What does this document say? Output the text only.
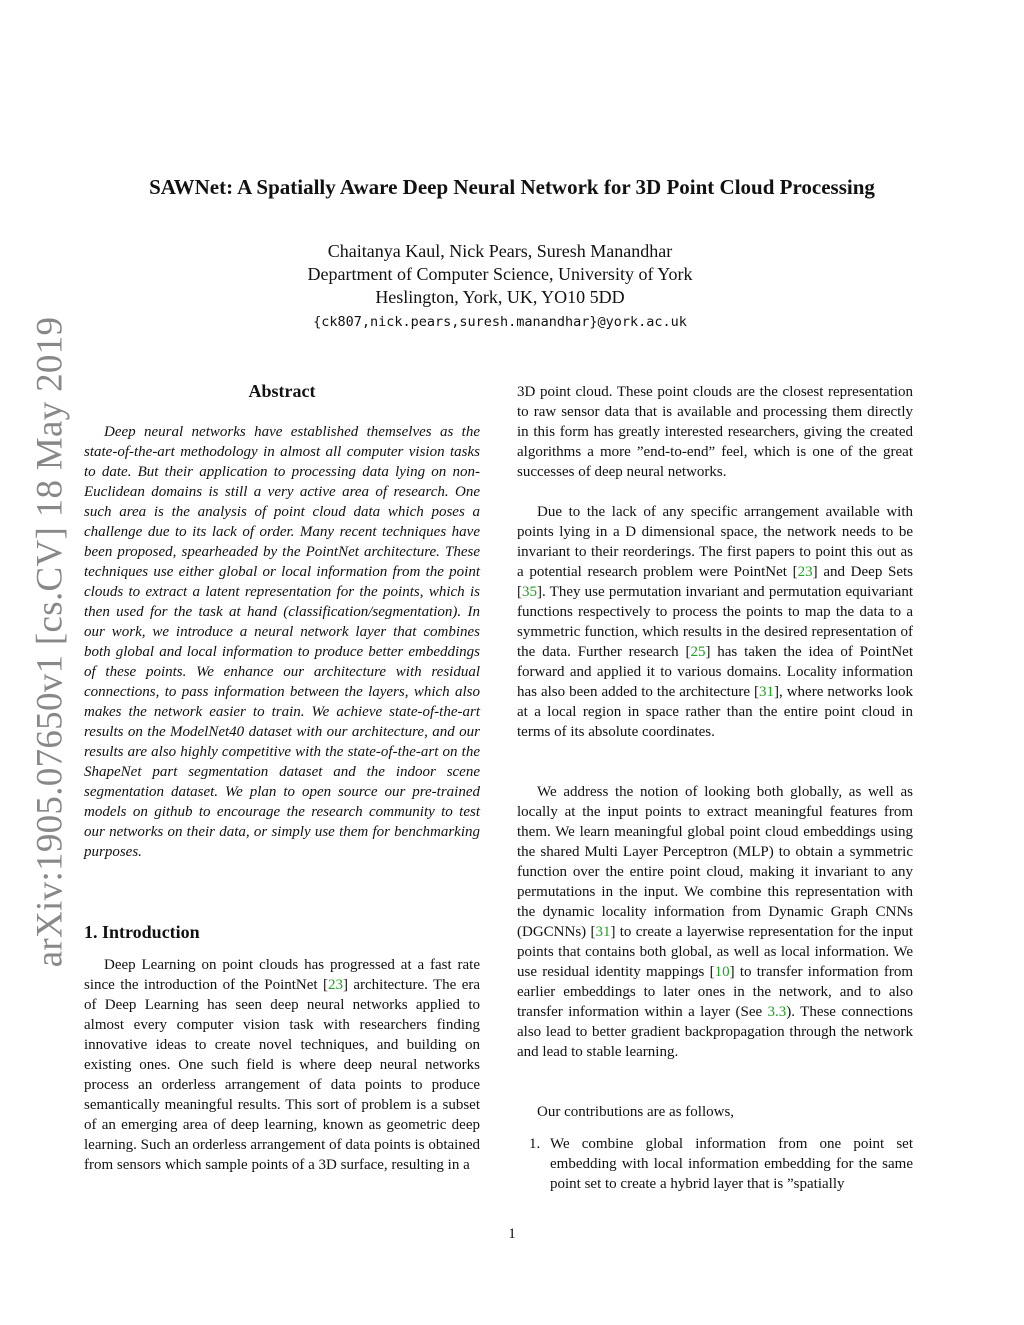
arXiv:1905.07650v1 [cs.CV] 18 May 2019
SAWNet: A Spatially Aware Deep Neural Network for 3D Point Cloud Processing
Chaitanya Kaul, Nick Pears, Suresh Manandhar
Department of Computer Science, University of York
Heslington, York, UK, YO10 5DD
{ck807,nick.pears,suresh.manandhar}@york.ac.uk
Abstract

Deep neural networks have established themselves as the state-of-the-art methodology in almost all computer vision tasks to date. But their application to processing data lying on non-Euclidean domains is still a very active area of research. One such area is the analysis of point cloud data which poses a challenge due to its lack of order. Many recent techniques have been proposed, spearheaded by the PointNet architecture. These techniques use either global or local information from the point clouds to extract a latent representation for the points, which is then used for the task at hand (classification/segmentation). In our work, we introduce a neural network layer that combines both global and local information to produce better embeddings of these points. We enhance our architecture with residual connections, to pass information between the layers, which also makes the network easier to train. We achieve state-of-the-art results on the ModelNet40 dataset with our architecture, and our results are also highly competitive with the state-of-the-art on the ShapeNet part segmentation dataset and the indoor scene segmentation dataset. We plan to open source our pre-trained models on github to encourage the research community to test our networks on their data, or simply use them for benchmarking purposes.

1. Introduction

Deep Learning on point clouds has progressed at a fast rate since the introduction of the PointNet [23] architecture. The era of Deep Learning has seen deep neural networks applied to almost every computer vision task with researchers finding innovative ideas to create novel techniques, and building on existing ones. One such field is where deep neural networks process an orderless arrangement of data points to produce semantically meaningful results. This sort of problem is a subset of an emerging area of deep learning, known as geometric deep learning. Such an orderless arrangement of data points is obtained from sensors which sample points of a 3D surface, resulting in a

3D point cloud. These point clouds are the closest representation to raw sensor data that is available and processing them directly in this form has greatly interested researchers, giving the created algorithms a more ”end-to-end” feel, which is one of the great successes of deep neural networks.

Due to the lack of any specific arrangement available with points lying in a D dimensional space, the network needs to be invariant to their reorderings. The first papers to point this out as a potential research problem were PointNet [23] and Deep Sets [35]. They use permutation invariant and permutation equivariant functions respectively to process the points to map the data to a symmetric function, which results in the desired representation of the data. Further research [25] has taken the idea of PointNet forward and applied it to various domains. Locality information has also been added to the architecture [31], where networks look at a local region in space rather than the entire point cloud in terms of its absolute coordinates.

We address the notion of looking both globally, as well as locally at the input points to extract meaningful features from them. We learn meaningful global point cloud embeddings using the shared Multi Layer Perceptron (MLP) to obtain a symmetric function over the entire point cloud, making it invariant to any permutations in the input. We combine this representation with the dynamic locality information from Dynamic Graph CNNs (DGCNNs) [31] to create a layerwise representation for the input points that contains both global, as well as local information. We use residual identity mappings [10] to transfer information from earlier embeddings to later ones in the network, and to also transfer information within a layer (See 3.3). These connections also lead to better gradient backpropagation through the network and lead to stable learning.

Our contributions are as follows,

1. We combine global information from one point set embedding with local information embedding for the same point set to create a hybrid layer that is ”spatially

1
